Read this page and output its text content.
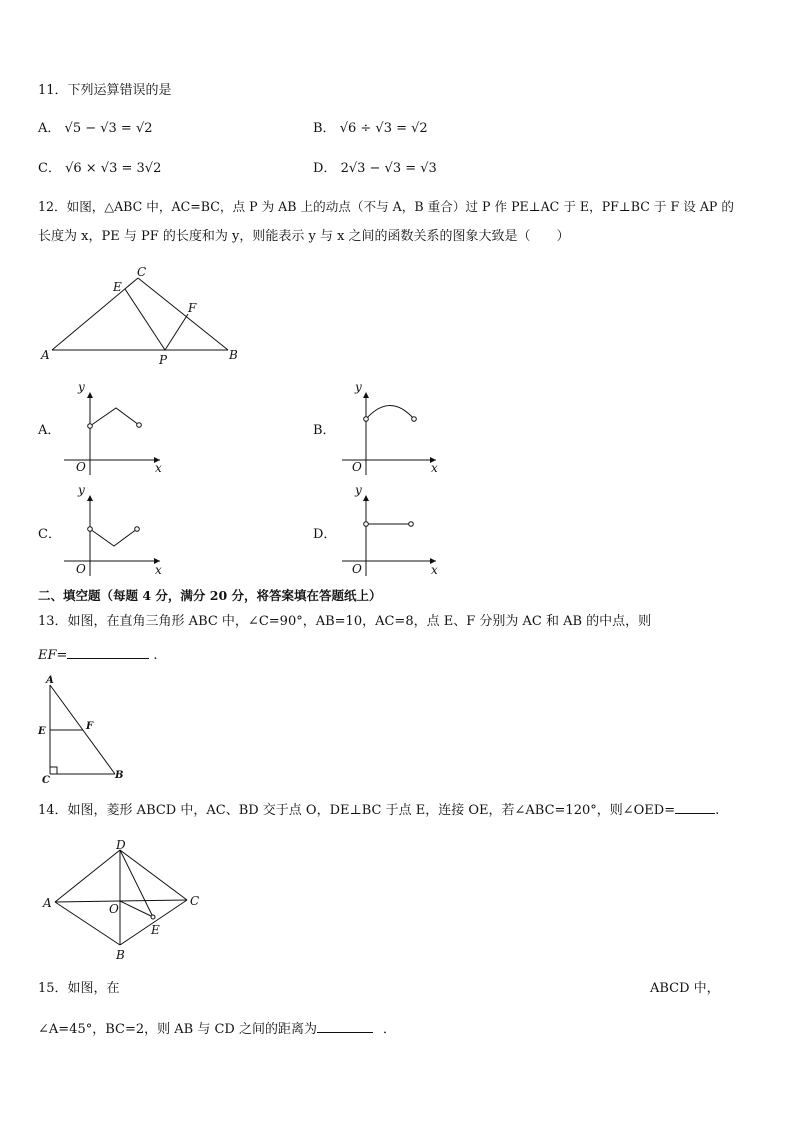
11．下列运算错误的是
A． √5 − √3 = √2	B． √6 ÷ √3 = √2
C． √6 × √3 = 3√2	D． 2√3 − √3 = √3
12．如图，△ABC 中，AC=BC，点 P 为 AB 上的动点（不与 A，B 重合）过 P 作 PE⊥AC 于 E，PF⊥BC 于 F 设 AP 的
长度为 x，PE 与 PF 的长度和为 y，则能表示 y 与 x 之间的函数关系的图象大致是（　　）
C
E
F
A	P	B
A．	B．
C．	D．
y
O	x
y
O	x
y
O	x
y
O	x
二、填空题（每题 4 分，满分 20 分，将答案填在答题纸上）
13．如图，在直角三角形 ABC 中，∠C=90°，AB=10，AC=8，点 E、F 分别为 AC 和 AB 的中点，则
EF=	.
A
E	F
C	B
14．如图，菱形 ABCD 中，AC、BD 交于点 O，DE⊥BC 于点 E，连接 OE，若∠ABC=120°，则∠OED=	.
D
A	O
C
E
B
15．如图，在	ABCD 中，
∠A=45°，BC=2，则 AB 与 CD 之间的距离为	．
